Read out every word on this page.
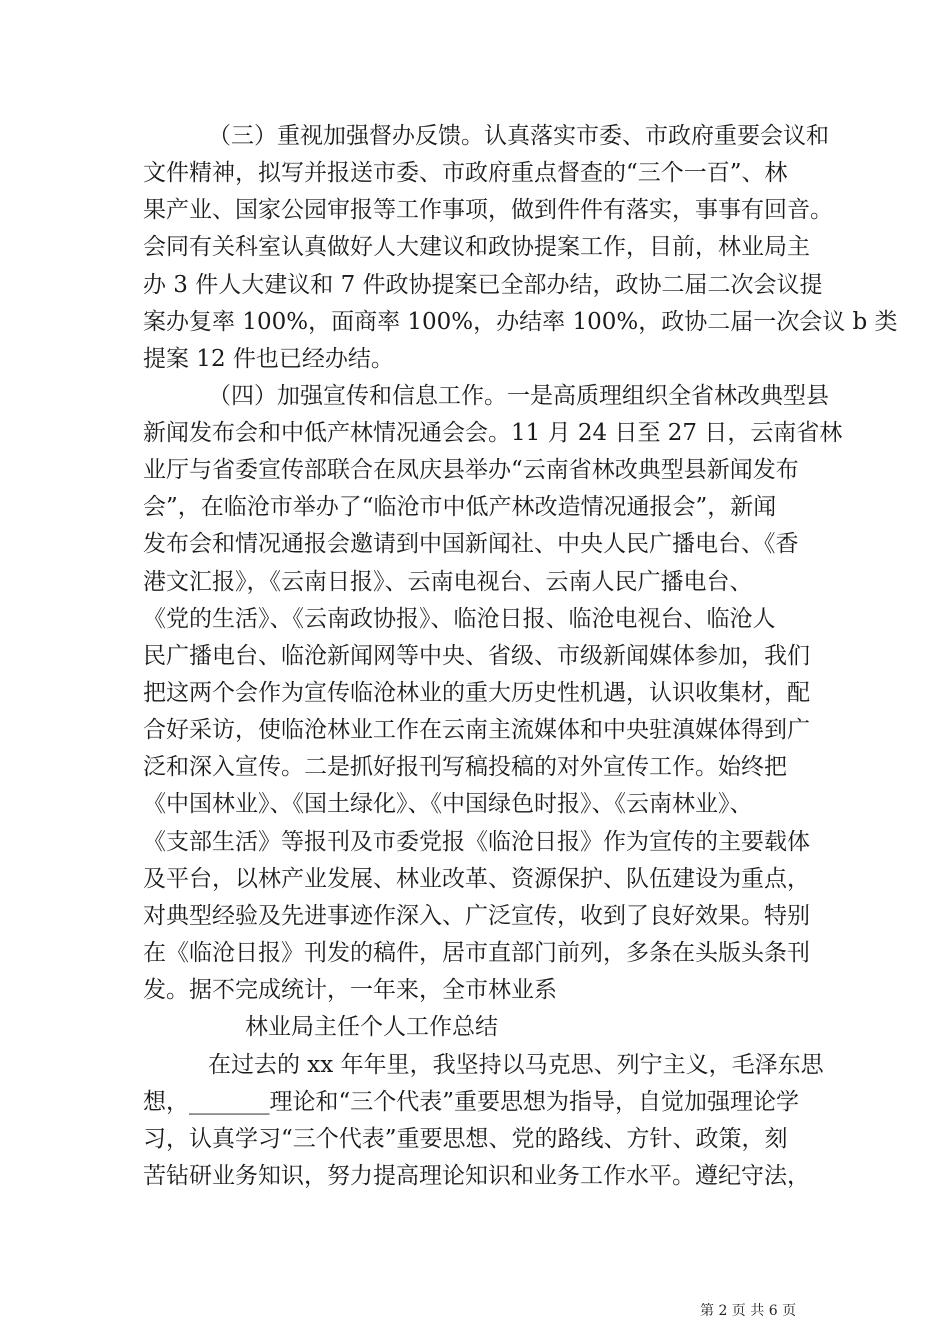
（三）重视加强督办反馈。认真落实市委、市政府重要会议和
文件精神，拟写并报送市委、市政府重点督查的“三个一百”、林
果产业、国家公园审报等工作事项，做到件件有落实，事事有回音。
会同有关科室认真做好人大建议和政协提案工作，目前，林业局主
办 3 件人大建议和 7 件政协提案已全部办结，政协二届二次会议提
案办复率 100%，面商率 100%，办结率 100%，政协二届一次会议 b 类
提案 12 件也已经办结。
（四）加强宣传和信息工作。一是高质理组织全省林改典型县
新闻发布会和中低产林情况通会会。11 月 24 日至 27 日，云南省林
业厅与省委宣传部联合在凤庆县举办“云南省林改典型县新闻发布
会”，在临沧市举办了“临沧市中低产林改造情况通报会”，新闻
发布会和情况通报会邀请到中国新闻社、中央人民广播电台、《香
港文汇报》，《云南日报》、云南电视台、云南人民广播电台、
《党的生活》、《云南政协报》、临沧日报、临沧电视台、临沧人
民广播电台、临沧新闻网等中央、省级、市级新闻媒体参加，我们
把这两个会作为宣传临沧林业的重大历史性机遇，认识收集材，配
合好采访，使临沧林业工作在云南主流媒体和中央驻滇媒体得到广
泛和深入宣传。二是抓好报刊写稿投稿的对外宣传工作。始终把
《中国林业》、《国土绿化》、《中国绿色时报》、《云南林业》、
《支部生活》等报刊及市委党报《临沧日报》作为宣传的主要载体
及平台，以林产业发展、林业改革、资源保护、队伍建设为重点，
对典型经验及先进事迹作深入、广泛宣传，收到了良好效果。特别
在《临沧日报》刊发的稿件，居市直部门前列，多条在头版头条刊
发。据不完成统计，一年来，全市林业系
林业局主任个人工作总结
在过去的 xx 年年里，我坚持以马克思、列宁主义，毛泽东思
想，_______理论和“三个代表”重要思想为指导，自觉加强理论学
习，认真学习“三个代表”重要思想、党的路线、方针、政策，刻
苦钻研业务知识，努力提高理论知识和业务工作水平。遵纪守法，
第 2 页 共 6 页
